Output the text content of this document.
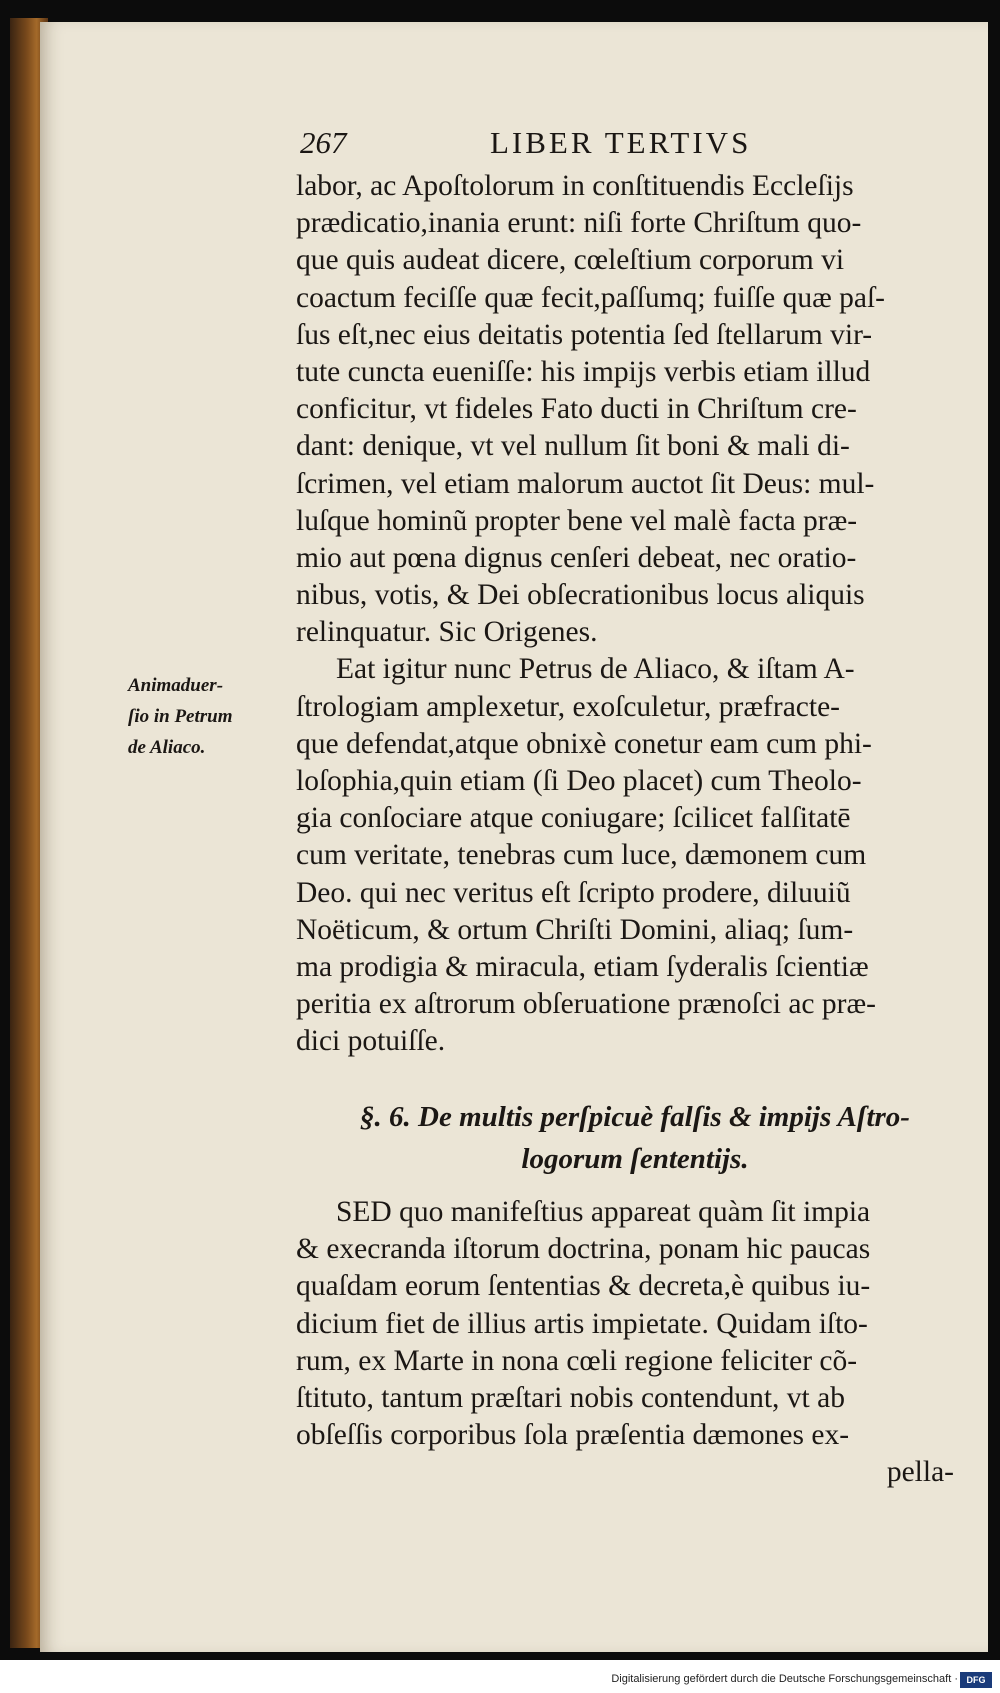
267	LIBER TERTIVS
Animaduer-
ſio in Petrum
de Aliaco.
labor, ac Apoſtolorum in conſtituendis Eccleſijs
prædicatio,inania erunt: niſi forte Chriſtum quo-
que quis audeat dicere, cœleſtium corporum vi
coactum feciſſe quæ fecit,paſſumq; fuiſſe quæ paſ-
ſus eſt,nec eius deitatis potentia ſed ſtellarum vir-
tute cuncta eueniſſe: his impijs verbis etiam illud
conficitur, vt fideles Fato ducti in Chriſtum cre-
dant: denique, vt vel nullum ſit boni & mali di-
ſcrimen, vel etiam malorum auctot ſit Deus: mul-
luſque hominũ propter bene vel malè facta præ-
mio aut pœna dignus cenſeri debeat, nec oratio-
nibus, votis, & Dei obſecrationibus locus aliquis
relinquatur. Sic Origenes.
Eat igitur nunc Petrus de Aliaco, & iſtam A-
ſtrologiam amplexetur, exoſculetur, præfracte-
que defendat,atque obnixè conetur eam cum phi-
loſophia,quin etiam (ſi Deo placet) cum Theolo-
gia conſociare atque coniugare; ſcilicet falſitatē
cum veritate, tenebras cum luce, dæmonem cum
Deo. qui nec veritus eſt ſcripto prodere, diluuiũ
Noëticum, & ortum Chriſti Domini, aliaq; ſum-
ma prodigia & miracula, etiam ſyderalis ſcientiæ
peritia ex aſtrorum obſeruatione prænoſci ac præ-
dici potuiſſe.
§. 6. De multis perſpicuè falſis & impijs Aſtro-
logorum ſententijs.
SED quo manifeſtius appareat quàm ſit impia
& execranda iſtorum doctrina, ponam hic paucas
quaſdam eorum ſententias & decreta,è quibus iu-
dicium fiet de illius artis impietate. Quidam iſto-
rum, ex Marte in nona cœli regione feliciter cõ-
ſtituto, tantum præſtari nobis contendunt, vt ab
obſeſſis corporibus ſola præſentia dæmones ex-
pella-
Digitalisierung gefördert durch die Deutsche Forschungsgemeinschaft · DFG
